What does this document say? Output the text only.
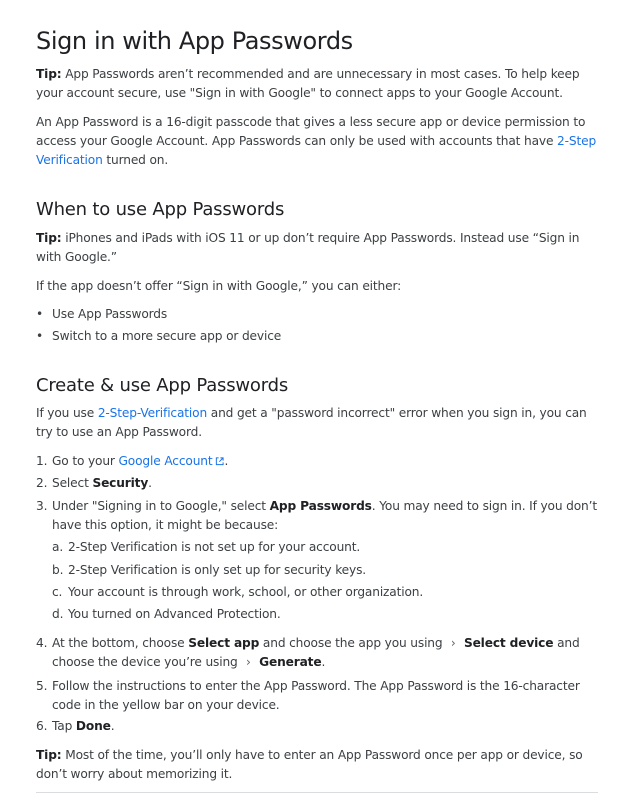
Sign in with App Passwords

Tip: App Passwords aren’t recommended and are unnecessary in most cases. To help keep your account secure, use "Sign in with Google" to connect apps to your Google Account.

An App Password is a 16-digit passcode that gives a less secure app or device permission to access your Google Account. App Passwords can only be used with accounts that have 2-Step Verification turned on.

When to use App Passwords

Tip: iPhones and iPads with iOS 11 or up don’t require App Passwords. Instead use “Sign in with Google.”

If the app doesn’t offer “Sign in with Google,” you can either:

• Use App Passwords
• Switch to a more secure app or device
Create & use App Passwords

If you use 2-Step-Verification and get a "password incorrect" error when you sign in, you can try to use an App Password.

1. Go to your Google Account .
2. Select Security.
3. Under "Signing in to Google," select App Passwords. You may need to sign in. If you don’t have this option, it might be because:
a. 2-Step Verification is not set up for your account.
b. 2-Step Verification is only set up for security keys.
c. Your account is through work, school, or other organization.
d. You turned on Advanced Protection.
4. At the bottom, choose Select app and choose the app you using › Select device and choose the device you’re using › Generate.
5. Follow the instructions to enter the App Password. The App Password is the 16-character code in the yellow bar on your device.
6. Tap Done.

Tip: Most of the time, you’ll only have to enter an App Password once per app or device, so don’t worry about memorizing it.
